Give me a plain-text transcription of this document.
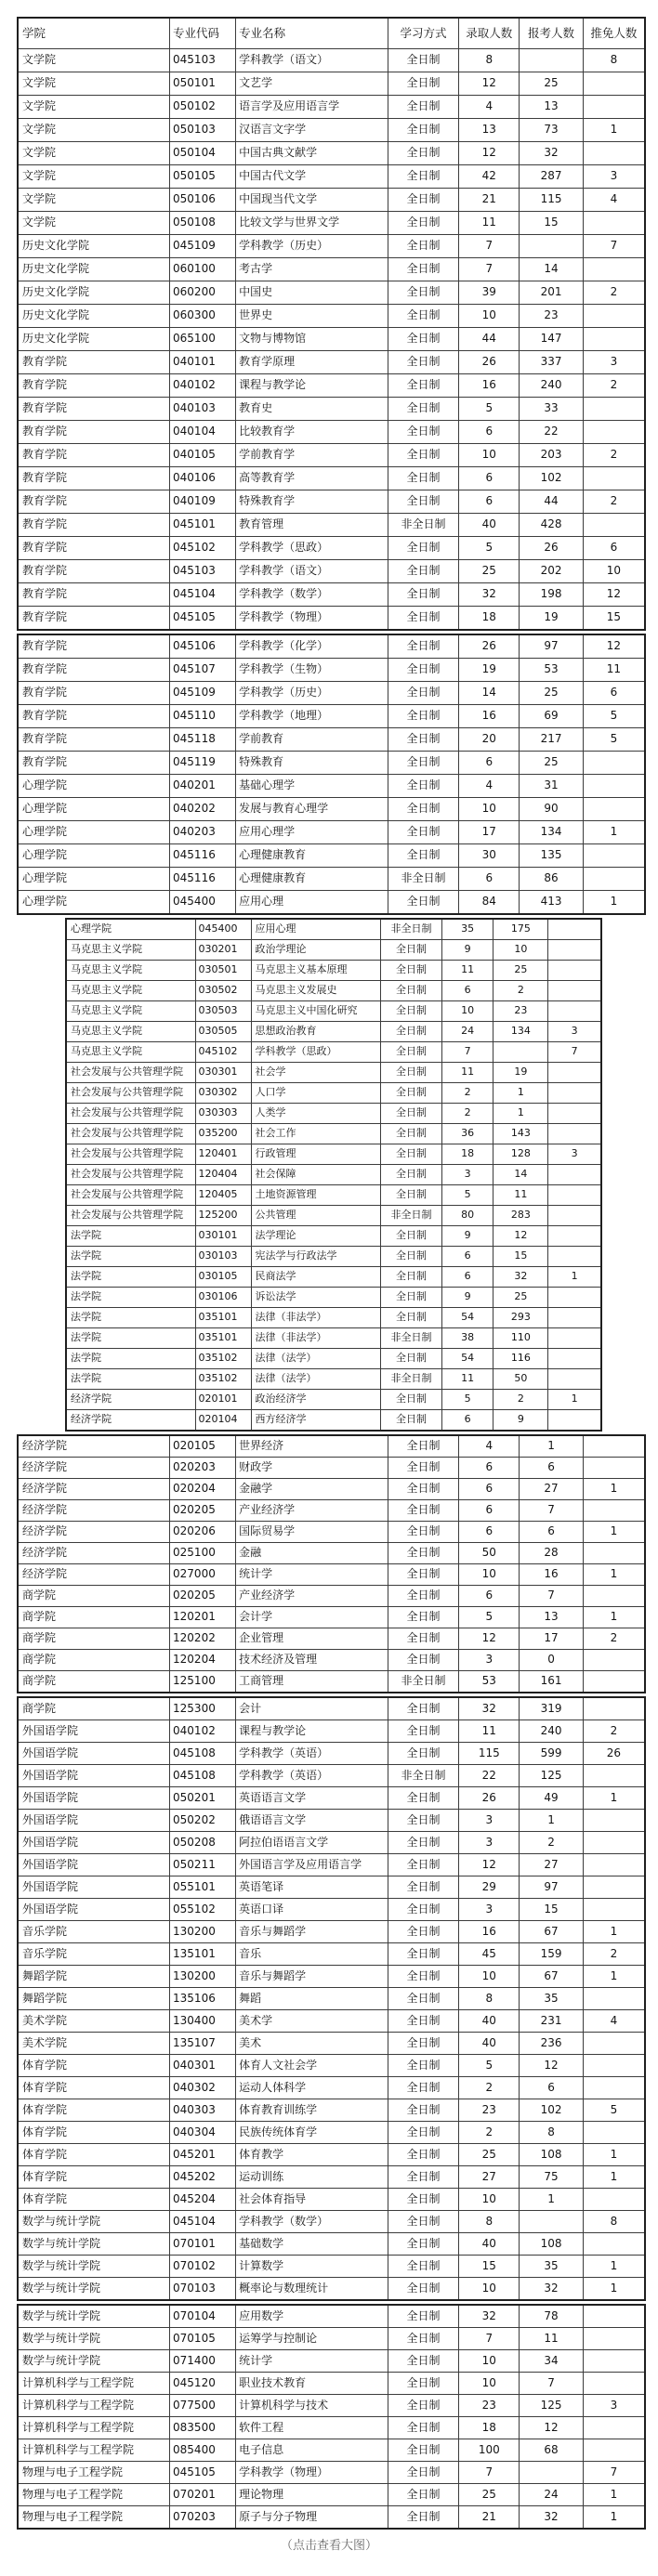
学院	专业代码	专业名称	学习方式	录取人数	报考人数	推免人数
文学院	045103	学科教学（语文）	全日制	8		8
文学院	050101	文艺学	全日制	12	25	
文学院	050102	语言学及应用语言学	全日制	4	13	
文学院	050103	汉语言文字学	全日制	13	73	1
文学院	050104	中国古典文献学	全日制	12	32	
文学院	050105	中国古代文学	全日制	42	287	3
文学院	050106	中国现当代文学	全日制	21	115	4
文学院	050108	比较文学与世界文学	全日制	11	15	
历史文化学院	045109	学科教学（历史）	全日制	7		7
历史文化学院	060100	考古学	全日制	7	14	
历史文化学院	060200	中国史	全日制	39	201	2
历史文化学院	060300	世界史	全日制	10	23	
历史文化学院	065100	文物与博物馆	全日制	44	147	
教育学院	040101	教育学原理	全日制	26	337	3
教育学院	040102	课程与教学论	全日制	16	240	2
教育学院	040103	教育史	全日制	5	33	
教育学院	040104	比较教育学	全日制	6	22	
教育学院	040105	学前教育学	全日制	10	203	2
教育学院	040106	高等教育学	全日制	6	102	
教育学院	040109	特殊教育学	全日制	6	44	2
教育学院	045101	教育管理	非全日制	40	428	
教育学院	045102	学科教学（思政）	全日制	5	26	6
教育学院	045103	学科教学（语文）	全日制	25	202	10
教育学院	045104	学科教学（数学）	全日制	32	198	12
教育学院	045105	学科教学（物理）	全日制	18	19	15
教育学院	045106	学科教学（化学）	全日制	26	97	12
教育学院	045107	学科教学（生物）	全日制	19	53	11
教育学院	045109	学科教学（历史）	全日制	14	25	6
教育学院	045110	学科教学（地理）	全日制	16	69	5
教育学院	045118	学前教育	全日制	20	217	5
教育学院	045119	特殊教育	全日制	6	25	
心理学院	040201	基础心理学	全日制	4	31	
心理学院	040202	发展与教育心理学	全日制	10	90	
心理学院	040203	应用心理学	全日制	17	134	1
心理学院	045116	心理健康教育	全日制	30	135	
心理学院	045116	心理健康教育	非全日制	6	86	
心理学院	045400	应用心理	全日制	84	413	1
心理学院	045400	应用心理	非全日制	35	175	
马克思主义学院	030201	政治学理论	全日制	9	10	
马克思主义学院	030501	马克思主义基本原理	全日制	11	25	
马克思主义学院	030502	马克思主义发展史	全日制	6	2	
马克思主义学院	030503	马克思主义中国化研究	全日制	10	23	
马克思主义学院	030505	思想政治教育	全日制	24	134	3
马克思主义学院	045102	学科教学（思政）	全日制	7		7
社会发展与公共管理学院	030301	社会学	全日制	11	19	
社会发展与公共管理学院	030302	人口学	全日制	2	1	
社会发展与公共管理学院	030303	人类学	全日制	2	1	
社会发展与公共管理学院	035200	社会工作	全日制	36	143	
社会发展与公共管理学院	120401	行政管理	全日制	18	128	3
社会发展与公共管理学院	120404	社会保障	全日制	3	14	
社会发展与公共管理学院	120405	土地资源管理	全日制	5	11	
社会发展与公共管理学院	125200	公共管理	非全日制	80	283	
法学院	030101	法学理论	全日制	9	12	
法学院	030103	宪法学与行政法学	全日制	6	15	
法学院	030105	民商法学	全日制	6	32	1
法学院	030106	诉讼法学	全日制	9	25	
法学院	035101	法律（非法学）	全日制	54	293	
法学院	035101	法律（非法学）	非全日制	38	110	
法学院	035102	法律（法学）	全日制	54	116	
法学院	035102	法律（法学）	非全日制	11	50	
经济学院	020101	政治经济学	全日制	5	2	1
经济学院	020104	西方经济学	全日制	6	9	
经济学院	020105	世界经济	全日制	4	1	
经济学院	020203	财政学	全日制	6	6	
经济学院	020204	金融学	全日制	6	27	1
经济学院	020205	产业经济学	全日制	6	7	
经济学院	020206	国际贸易学	全日制	6	6	1
经济学院	025100	金融	全日制	50	28	
经济学院	027000	统计学	全日制	10	16	1
商学院	020205	产业经济学	全日制	6	7	
商学院	120201	会计学	全日制	5	13	1
商学院	120202	企业管理	全日制	12	17	2
商学院	120204	技术经济及管理	全日制	3	0	
商学院	125100	工商管理	非全日制	53	161	
商学院	125300	会计	全日制	32	319	
外国语学院	040102	课程与教学论	全日制	11	240	2
外国语学院	045108	学科教学（英语）	全日制	115	599	26
外国语学院	045108	学科教学（英语）	非全日制	22	125	
外国语学院	050201	英语语言文学	全日制	26	49	1
外国语学院	050202	俄语语言文学	全日制	3	1	
外国语学院	050208	阿拉伯语语言文学	全日制	3	2	
外国语学院	050211	外国语言学及应用语言学	全日制	12	27	
外国语学院	055101	英语笔译	全日制	29	97	
外国语学院	055102	英语口译	全日制	3	15	
音乐学院	130200	音乐与舞蹈学	全日制	16	67	1
音乐学院	135101	音乐	全日制	45	159	2
舞蹈学院	130200	音乐与舞蹈学	全日制	10	67	1
舞蹈学院	135106	舞蹈	全日制	8	35	
美术学院	130400	美术学	全日制	40	231	4
美术学院	135107	美术	全日制	40	236	
体育学院	040301	体育人文社会学	全日制	5	12	
体育学院	040302	运动人体科学	全日制	2	6	
体育学院	040303	体育教育训练学	全日制	23	102	5
体育学院	040304	民族传统体育学	全日制	2	8	
体育学院	045201	体育教学	全日制	25	108	1
体育学院	045202	运动训练	全日制	27	75	1
体育学院	045204	社会体育指导	全日制	10	1	
数学与统计学院	045104	学科教学（数学）	全日制	8		8
数学与统计学院	070101	基础数学	全日制	40	108	
数学与统计学院	070102	计算数学	全日制	15	35	1
数学与统计学院	070103	概率论与数理统计	全日制	10	32	1
数学与统计学院	070104	应用数学	全日制	32	78	
数学与统计学院	070105	运筹学与控制论	全日制	7	11	
数学与统计学院	071400	统计学	全日制	10	34	
计算机科学与工程学院	045120	职业技术教育	全日制	10	7	
计算机科学与工程学院	077500	计算机科学与技术	全日制	23	125	3
计算机科学与工程学院	083500	软件工程	全日制	18	12	
计算机科学与工程学院	085400	电子信息	全日制	100	68	
物理与电子工程学院	045105	学科教学（物理）	全日制	7		7
物理与电子工程学院	070201	理论物理	全日制	25	24	1
物理与电子工程学院	070203	原子与分子物理	全日制	21	32	1
（点击查看大图）
